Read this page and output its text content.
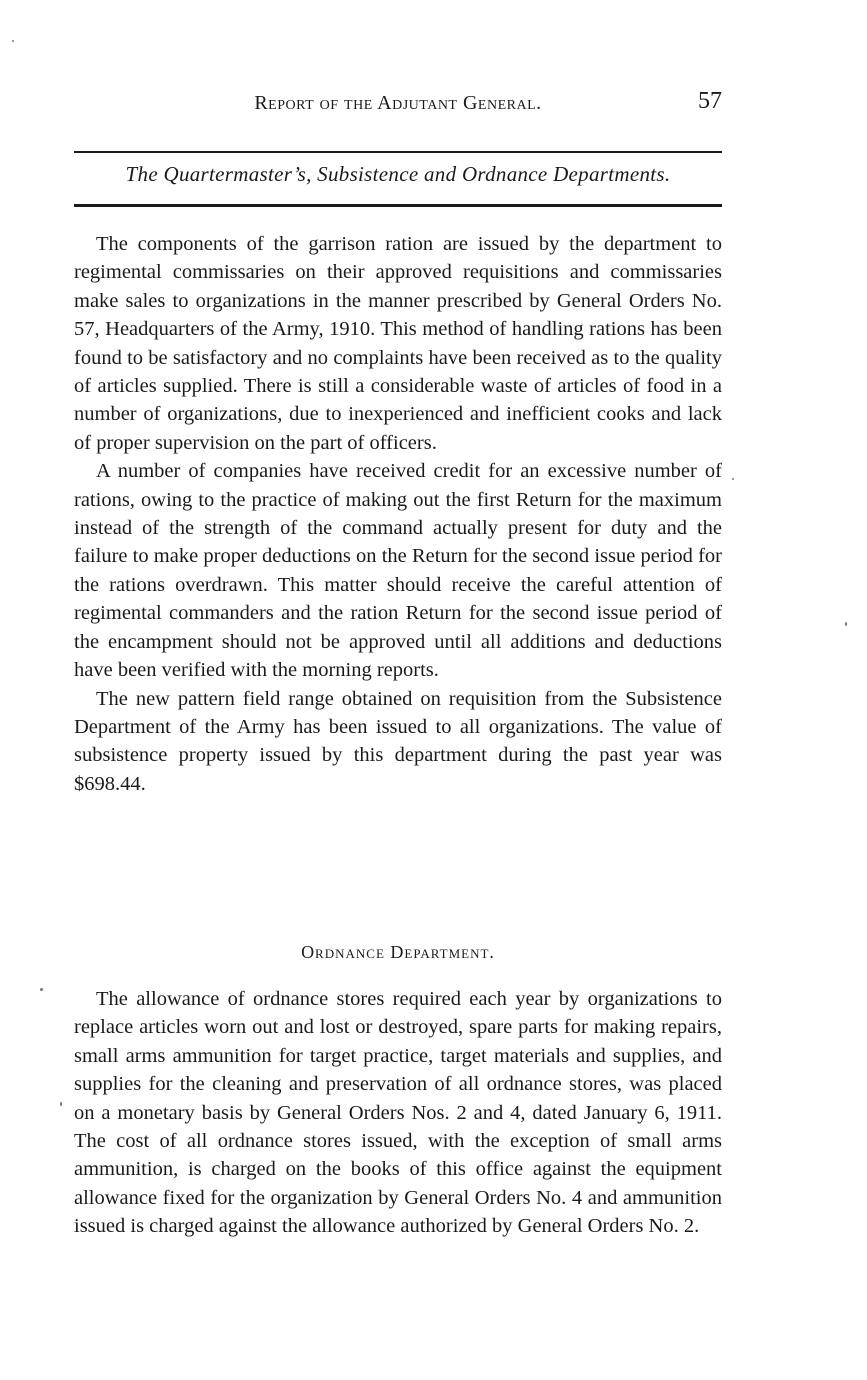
Report of the Adjutant General.	57
The Quartermaster’s, Subsistence and Ordnance Departments.

The components of the garrison ration are issued by the department to regimental commissaries on their approved requisitions and commissaries make sales to organizations in the manner prescribed by General Orders No. 57, Headquarters of the Army, 1910. This method of handling rations has been found to be satisfactory and no complaints have been received as to the quality of articles supplied. There is still a considerable waste of articles of food in a number of organizations, due to inexperienced and inefficient cooks and lack of proper supervision on the part of officers.

A number of companies have received credit for an excessive number of rations, owing to the practice of making out the first Return for the maximum instead of the strength of the command actually present for duty and the failure to make proper deductions on the Return for the second issue period for the rations overdrawn. This matter should receive the careful attention of regimental commanders and the ration Return for the second issue period of the encampment should not be approved until all additions and deductions have been verified with the morning reports.

The new pattern field range obtained on requisition from the Subsistence Department of the Army has been issued to all organizations. The value of subsistence property issued by this department during the past year was $698.44.

Ordnance Department.

The allowance of ordnance stores required each year by organizations to replace articles worn out and lost or destroyed, spare parts for making repairs, small arms ammunition for target practice, target materials and supplies, and supplies for the cleaning and preservation of all ordnance stores, was placed on a monetary basis by General Orders Nos. 2 and 4, dated January 6, 1911. The cost of all ordnance stores issued, with the exception of small arms ammunition, is charged on the books of this office against the equipment allowance fixed for the organization by General Orders No. 4 and ammunition issued is charged against the allowance authorized by General Orders No. 2.
